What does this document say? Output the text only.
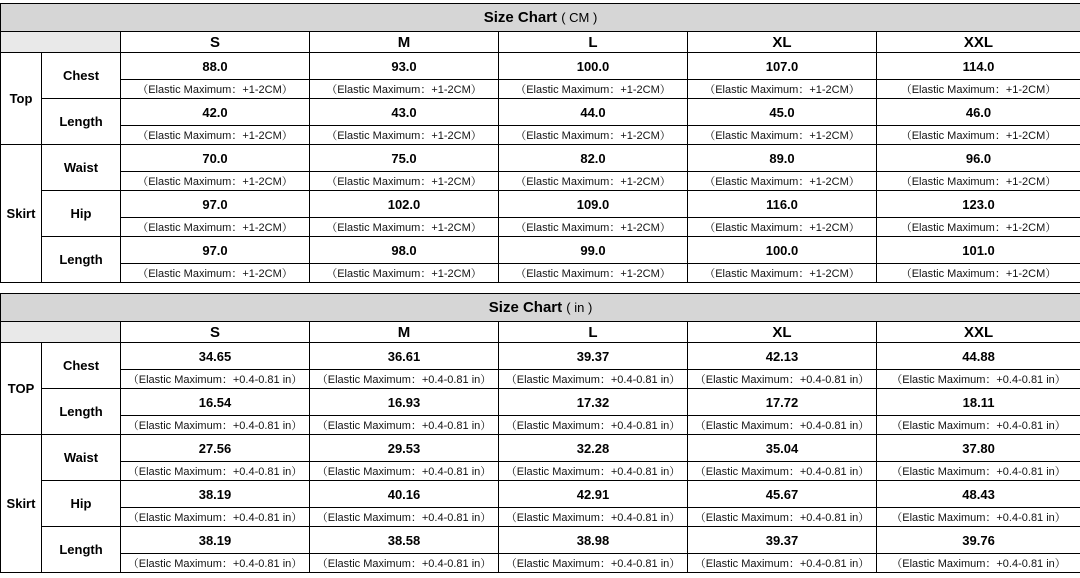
Size Chart ( CM )						
		S	M	L	XL	XXL
Top	Chest	88.0	93.0	100.0	107.0	114.0
		（Elastic Maximum：+1-2CM）	（Elastic Maximum：+1-2CM）	（Elastic Maximum：+1-2CM）	（Elastic Maximum：+1-2CM）	（Elastic Maximum：+1-2CM）
	Length	42.0	43.0	44.0	45.0	46.0
		（Elastic Maximum：+1-2CM）	（Elastic Maximum：+1-2CM）	（Elastic Maximum：+1-2CM）	（Elastic Maximum：+1-2CM）	（Elastic Maximum：+1-2CM）
Skirt	Waist	70.0	75.0	82.0	89.0	96.0
		（Elastic Maximum：+1-2CM）	（Elastic Maximum：+1-2CM）	（Elastic Maximum：+1-2CM）	（Elastic Maximum：+1-2CM）	（Elastic Maximum：+1-2CM）
	Hip	97.0	102.0	109.0	116.0	123.0
		（Elastic Maximum：+1-2CM）	（Elastic Maximum：+1-2CM）	（Elastic Maximum：+1-2CM）	（Elastic Maximum：+1-2CM）	（Elastic Maximum：+1-2CM）
	Length	97.0	98.0	99.0	100.0	101.0
		（Elastic Maximum：+1-2CM）	（Elastic Maximum：+1-2CM）	（Elastic Maximum：+1-2CM）	（Elastic Maximum：+1-2CM）	（Elastic Maximum：+1-2CM）
Size Chart ( in )						
		S	M	L	XL	XXL
TOP	Chest	34.65	36.61	39.37	42.13	44.88
		（Elastic Maximum：+0.4-0.81 in）	（Elastic Maximum：+0.4-0.81 in）	（Elastic Maximum：+0.4-0.81 in）	（Elastic Maximum：+0.4-0.81 in）	（Elastic Maximum：+0.4-0.81 in）
	Length	16.54	16.93	17.32	17.72	18.11
		（Elastic Maximum：+0.4-0.81 in）	（Elastic Maximum：+0.4-0.81 in）	（Elastic Maximum：+0.4-0.81 in）	（Elastic Maximum：+0.4-0.81 in）	（Elastic Maximum：+0.4-0.81 in）
Skirt	Waist	27.56	29.53	32.28	35.04	37.80
		（Elastic Maximum：+0.4-0.81 in）	（Elastic Maximum：+0.4-0.81 in）	（Elastic Maximum：+0.4-0.81 in）	（Elastic Maximum：+0.4-0.81 in）	（Elastic Maximum：+0.4-0.81 in）
	Hip	38.19	40.16	42.91	45.67	48.43
		（Elastic Maximum：+0.4-0.81 in）	（Elastic Maximum：+0.4-0.81 in）	（Elastic Maximum：+0.4-0.81 in）	（Elastic Maximum：+0.4-0.81 in）	（Elastic Maximum：+0.4-0.81 in）
	Length	38.19	38.58	38.98	39.37	39.76
		（Elastic Maximum：+0.4-0.81 in）	（Elastic Maximum：+0.4-0.81 in）	（Elastic Maximum：+0.4-0.81 in）	（Elastic Maximum：+0.4-0.81 in）	（Elastic Maximum：+0.4-0.81 in）
